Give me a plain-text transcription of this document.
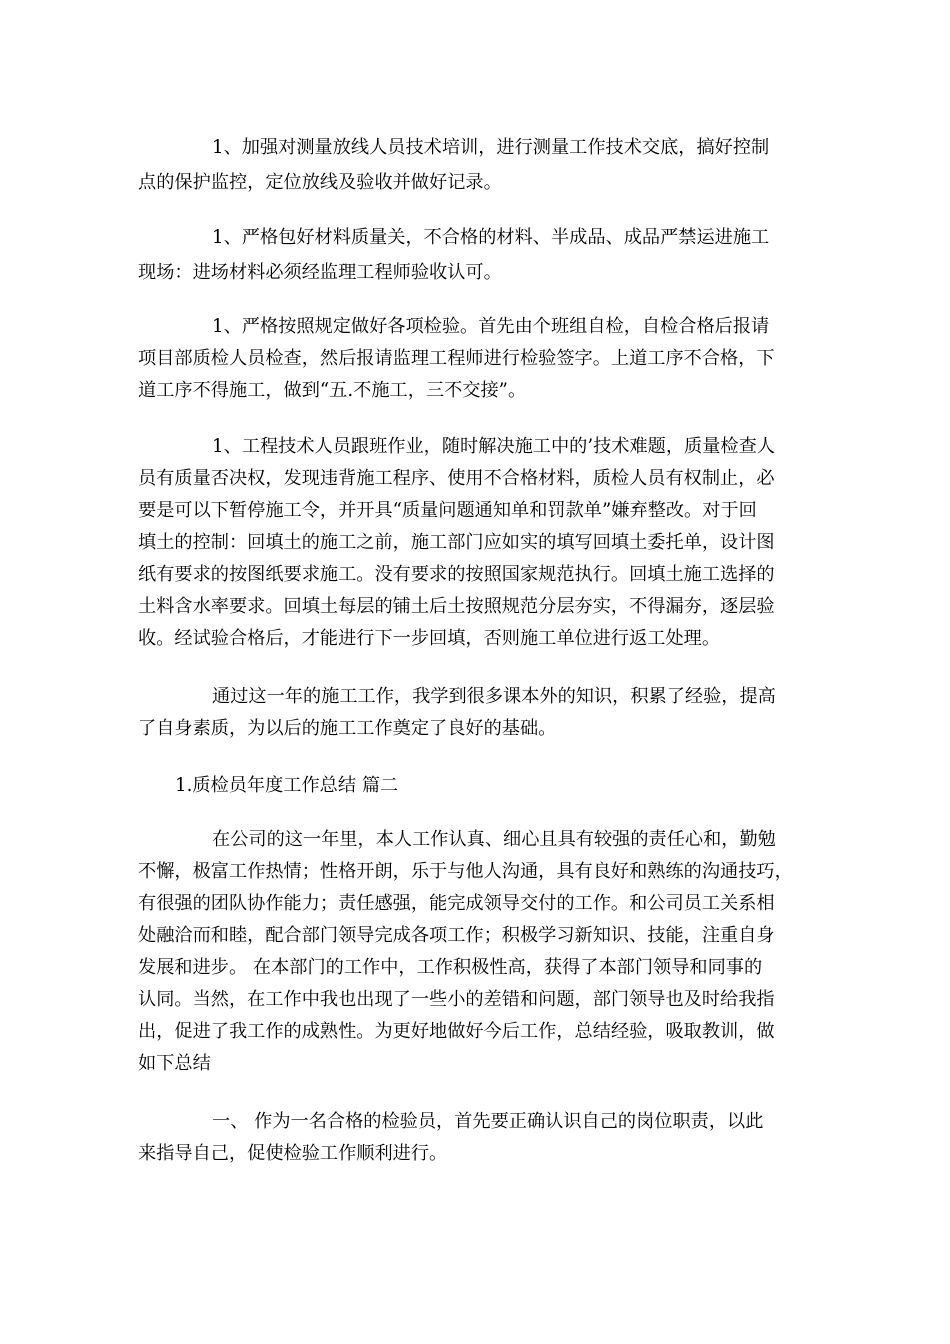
1、加强对测量放线人员技术培训，进行测量工作技术交底，搞好控制

点的保护监控，定位放线及验收并做好记录。

1、严格包好材料质量关，不合格的材料、半成品、成品严禁运进施工

现场：进场材料必须经监理工程师验收认可。

1、严格按照规定做好各项检验。首先由个班组自检，自检合格后报请

项目部质检人员检查，然后报请监理工程师进行检验签字。上道工序不合格，下

道工序不得施工，做到“五.不施工，三不交接”。

1、工程技术人员跟班作业，随时解决施工中的’技术难题，质量检查人

员有质量否决权，发现违背施工程序、使用不合格材料，质检人员有权制止，必

要是可以下暂停施工令，并开具“质量问题通知单和罚款单”嫌弃整改。对于回

填土的控制：回填土的施工之前，施工部门应如实的填写回填土委托单，设计图

纸有要求的按图纸要求施工。没有要求的按照国家规范执行。回填土施工选择的

土料含水率要求。回填土每层的铺土后土按照规范分层夯实，不得漏夯，逐层验

收。经试验合格后，才能进行下一步回填，否则施工单位进行返工处理。

通过这一年的施工工作，我学到很多课本外的知识，积累了经验，提高

了自身素质，为以后的施工工作奠定了良好的基础。

1.质检员年度工作总结 篇二

在公司的这一年里，本人工作认真、细心且具有较强的责任心和，勤勉

不懈，极富工作热情；性格开朗，乐于与他人沟通，具有良好和熟练的沟通技巧，

有很强的团队协作能力；责任感强，能完成领导交付的工作。和公司员工关系相

处融洽而和睦，配合部门领导完成各项工作；积极学习新知识、技能，注重自身

发展和进步。 在本部门的工作中，工作积极性高，获得了本部门领导和同事的

认同。当然，在工作中我也出现了一些小的差错和问题，部门领导也及时给我指

出，促进了我工作的成熟性。为更好地做好今后工作，总结经验，吸取教训，做

如下总结

一、 作为一名合格的检验员，首先要正确认识自己的岗位职责，以此

来指导自己，促使检验工作顺利进行。
